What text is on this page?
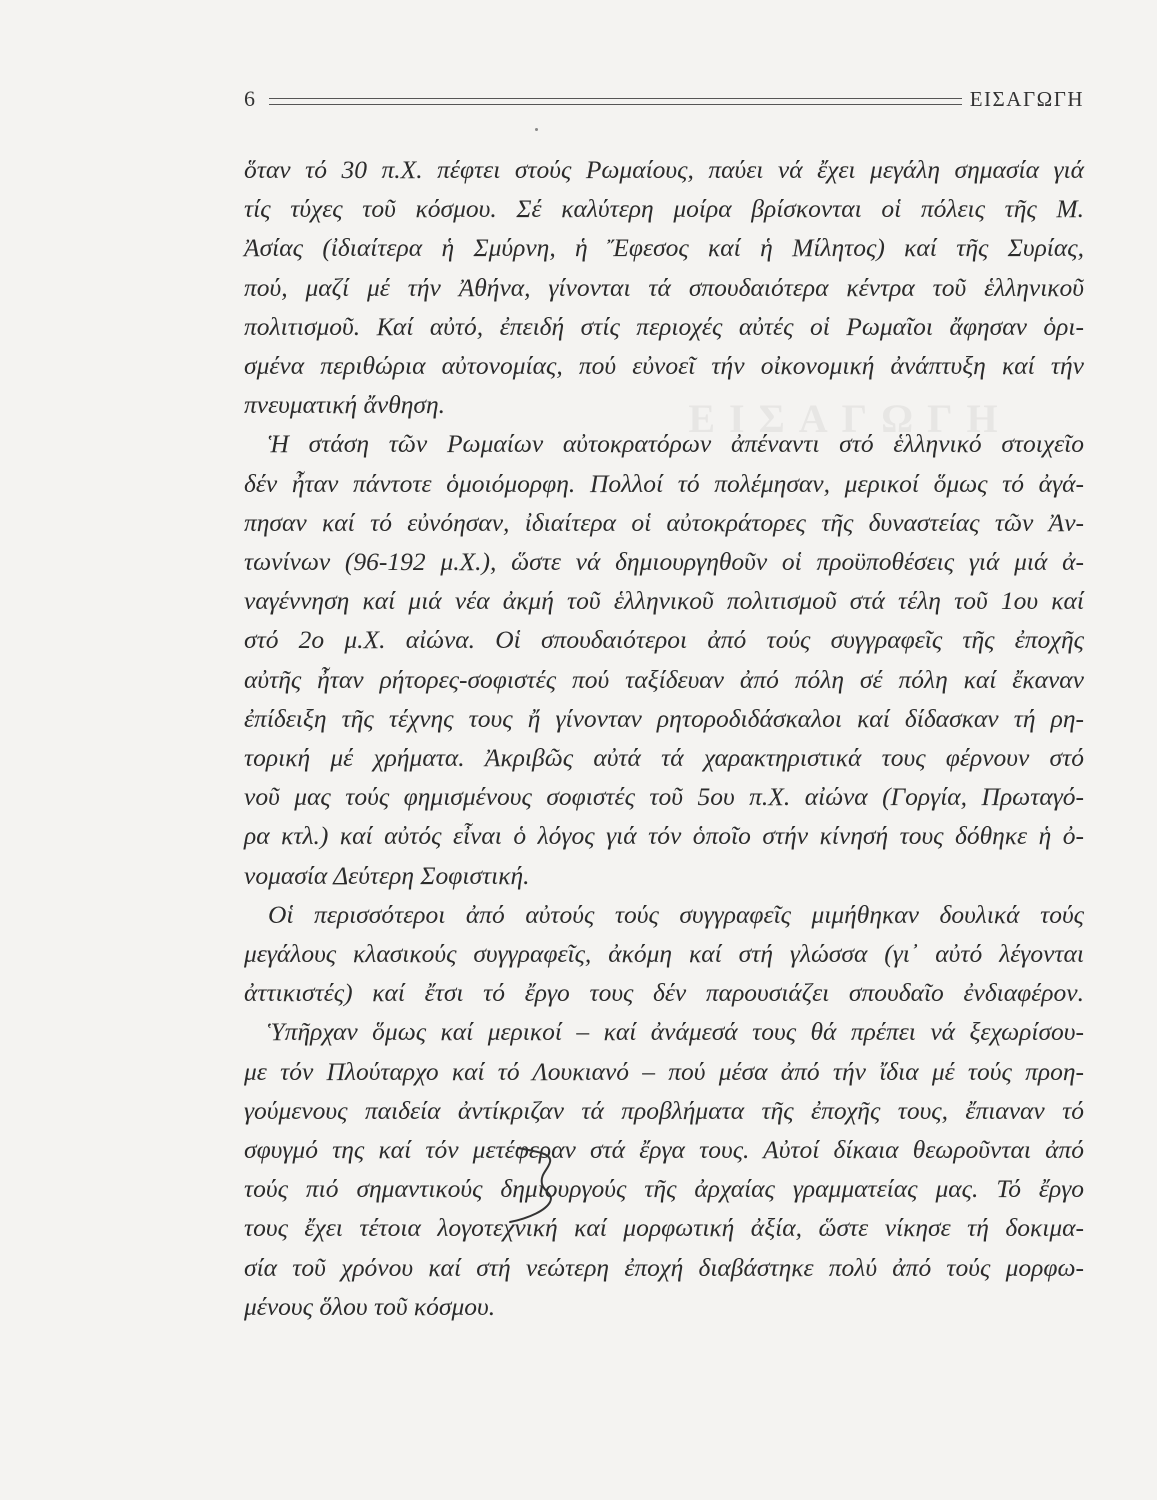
ΕΙΣΑΓΩΓΗ
6	ΕΙΣΑΓΩΓΗ
ὅταν τό 30 π.Χ. πέφτει στούς Ρωμαίους, παύει νά ἔχει μεγάλη σημασία γιά
τίς τύχες τοῦ κόσμου. Σέ καλύτερη μοίρα βρίσκονται οἱ πόλεις τῆς Μ.
Ἀσίας (ἰδιαίτερα ἡ Σμύρνη, ἡ Ἔφεσος καί ἡ Μίλητος) καί τῆς Συρίας,
πού, μαζί μέ τήν Ἀθήνα, γίνονται τά σπουδαιότερα κέντρα τοῦ ἑλληνικοῦ
πολιτισμοῦ. Καί αὐτό, ἐπειδή στίς περιοχές αὐτές οἱ Ρωμαῖοι ἄφησαν ὁρι-
σμένα περιθώρια αὐτονομίας, πού εὐνοεῖ τήν οἰκονομική ἀνάπτυξη καί τήν
πνευματική ἄνθηση.
Ἡ στάση τῶν Ρωμαίων αὐτοκρατόρων ἀπέναντι στό ἑλληνικό στοιχεῖο
δέν ἦταν πάντοτε ὁμοιόμορφη. Πολλοί τό πολέμησαν, μερικοί ὅμως τό ἀγά-
πησαν καί τό εὐνόησαν, ἰδιαίτερα οἱ αὐτοκράτορες τῆς δυναστείας τῶν Ἀν-
τωνίνων (96-192 μ.Χ.), ὥστε νά δημιουργηθοῦν οἱ προϋποθέσεις γιά μιά ἀ-
ναγέννηση καί μιά νέα ἀκμή τοῦ ἑλληνικοῦ πολιτισμοῦ στά τέλη τοῦ 1ου καί
στό 2ο μ.Χ. αἰώνα. Οἱ σπουδαιότεροι ἀπό τούς συγγραφεῖς τῆς ἐποχῆς
αὐτῆς ἦταν ρήτορες-σοφιστές πού ταξίδευαν ἀπό πόλη σέ πόλη καί ἔκαναν
ἐπίδειξη τῆς τέχνης τους ἤ γίνονταν ρητοροδιδάσκαλοι καί δίδασκαν τή ρη-
τορική μέ χρήματα. Ἀκριβῶς αὐτά τά χαρακτηριστικά τους φέρνουν στό
νοῦ μας τούς φημισμένους σοφιστές τοῦ 5ου π.Χ. αἰώνα (Γοργία, Πρωταγό-
ρα κτλ.) καί αὐτός εἶναι ὁ λόγος γιά τόν ὁποῖο στήν κίνησή τους δόθηκε ἡ ὀ-
νομασία Δεύτερη Σοφιστική.
Οἱ περισσότεροι ἀπό αὐτούς τούς συγγραφεῖς μιμήθηκαν δουλικά τούς
μεγάλους κλασικούς συγγραφεῖς, ἀκόμη καί στή γλώσσα (γι᾿ αὐτό λέγονται
ἀττικιστές) καί ἔτσι τό ἔργο τους δέν παρουσιάζει σπουδαῖο ἐνδιαφέρον.
Ὑπῆρχαν ὅμως καί μερικοί – καί ἀνάμεσά τους θά πρέπει νά ξεχωρίσου-
με τόν Πλούταρχο καί τό Λουκιανό – πού μέσα ἀπό τήν ἴδια μέ τούς προη-
γούμενους παιδεία ἀντίκριζαν τά προβλήματα τῆς ἐποχῆς τους, ἔπιαναν τό
σφυγμό της καί τόν μετέφεραν στά ἔργα τους. Αὐτοί δίκαια θεωροῦνται ἀπό
τούς πιό σημαντικούς δημιουργούς τῆς ἀρχαίας γραμματείας μας. Τό ἔργο
τους ἔχει τέτοια λογοτεχνική καί μορφωτική ἀξία, ὥστε νίκησε τή δοκιμα-
σία τοῦ χρόνου καί στή νεώτερη ἐποχή διαβάστηκε πολύ ἀπό τούς μορφω-
μένους ὅλου τοῦ κόσμου.
